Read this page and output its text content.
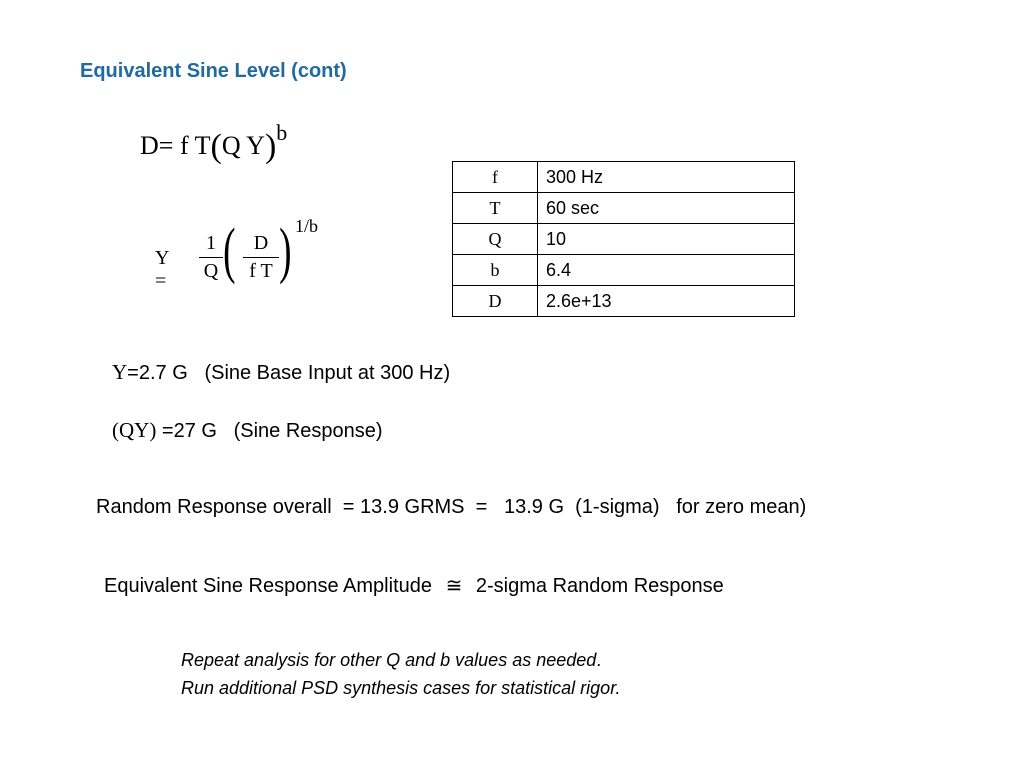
Equivalent Sine Level (cont)
D= f T(Q Y)$^b$
$Y = \frac{1}{Q}$ ( $\frac{D}{\text{f T}}$ ) 1/b
f	300 Hz
T	60 sec
Q	10
b	6.4
D	2.6e+13
Y=2.7 G   (Sine Base Input at 300 Hz)
(QY) =27 G   (Sine Response)
Random Response overall  = 13.9 GRMS  =   13.9 G  (1-sigma)   for zero mean)
Equivalent Sine Response Amplitude ≅ 2-sigma Random Response
Repeat analysis for other Q and b values as needed.
Run additional PSD synthesis cases for statistical rigor.
